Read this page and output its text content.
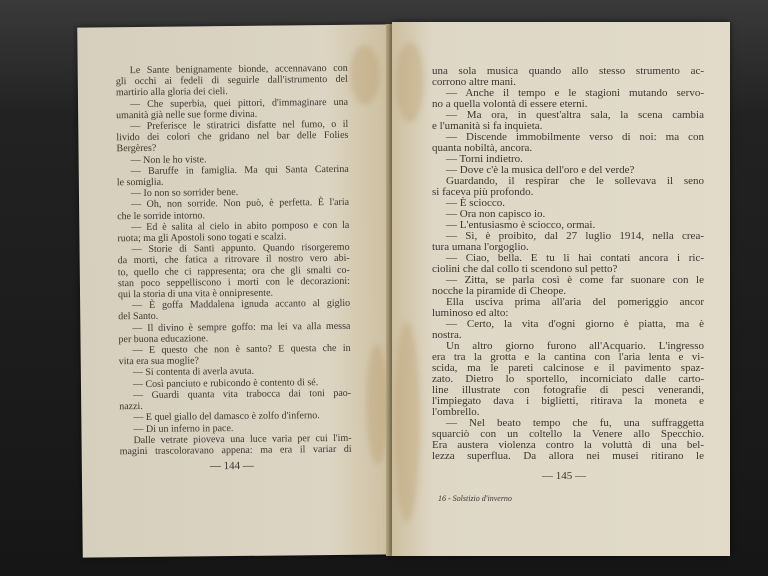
Le Sante benignamente bionde, accennavano con
gli occhi ai fedeli di seguirle dall'istrumento del
martirio alla gloria dei cieli.
— Che superbia, quei pittori, d'immaginare una
umanità già nelle sue forme divina.
— Preferisce le stiratrici disfatte nel fumo, o il
livido dei colori che gridano nel bar delle Folies
Bergères?
— Non le ho viste.
— Baruffe in famiglia. Ma qui Santa Caterina
le somiglia.
— Io non so sorrider bene.
— Oh, non sorride. Non può, è perfetta. È l'aria
che le sorride intorno.
— Ed è salita al cielo in abito pomposo e con la
ruota; ma gli Apostoli sono togati e scalzi.
— Storie di Santi appunto. Quando risorgeremo
da morti, che fatica a ritrovare il nostro vero abi-
to, quello che ci rappresenta; ora che gli smalti co-
stan poco seppelliscono i morti con le decorazioni:
qui la storia di una vita è onnipresente.
— È goffa Maddalena ignuda accanto al giglio
del Santo.
— Il divino è sempre goffo: ma lei va alla messa
per buona educazione.
— E questo che non è santo? E questa che in
vita era sua moglie?
— Si contenta di averla avuta.
— Così panciuto e rubicondo è contento di sé.
— Guardi quanta vita trabocca dai toni pao-
nazzi.
— E quel giallo del damasco è zolfo d'inferno.
— Di un inferno in pace.
Dalle vetrate pioveva una luce varia per cui l'im-
magini trascoloravano appena: ma era il variar di
— 144 —
una sola musica quando allo stesso strumento ac-
corrono altre mani.
— Anche il tempo e le stagioni mutando servo-
no a quella volontà di essere eterni.
— Ma ora, in quest'altra sala, la scena cambia
e l'umanità si fa inquieta.
— Discende immobilmente verso di noi: ma con
quanta nobiltà, ancora.
— Torni indietro.
— Dove c'è la musica dell'oro e del verde?
Guardando, il respirar che le sollevava il seno
si faceva più profondo.
— È sciocco.
— Ora non capisco io.
— L'entusiasmo è sciocco, ormai.
— Sì, è proibito, dal 27 luglio 1914, nella crea-
tura umana l'orgoglio.
— Ciao, bella. E tu li hai contati ancora i ric-
ciolini che dal collo ti scendono sul petto?
— Zitta, se parla così è come far suonare con le
nocche la piramide di Cheope.
Ella usciva prima all'aria del pomeriggio ancor
luminoso ed alto:
— Certo, la vita d'ogni giorno è piatta, ma è
nostra.
Un altro giorno furono all'Acquario. L'ingresso
era tra la grotta e la cantina con l'aria lenta e vi-
scida, ma le pareti calcinose e il pavimento spaz-
zato. Dietro lo sportello, incorniciato dalle carto-
line illustrate con fotografie di pesci venerandi,
l'impiegato dava i biglietti, ritirava la moneta e
l'ombrello.
— Nel beato tempo che fu, una suffraggetta
squarciò con un coltello la Venere allo Specchio.
Era austera violenza contro la voluttà di una bel-
lezza superflua. Da allora nei musei ritirano le
— 145 —
16 - Solstizio d'inverno
